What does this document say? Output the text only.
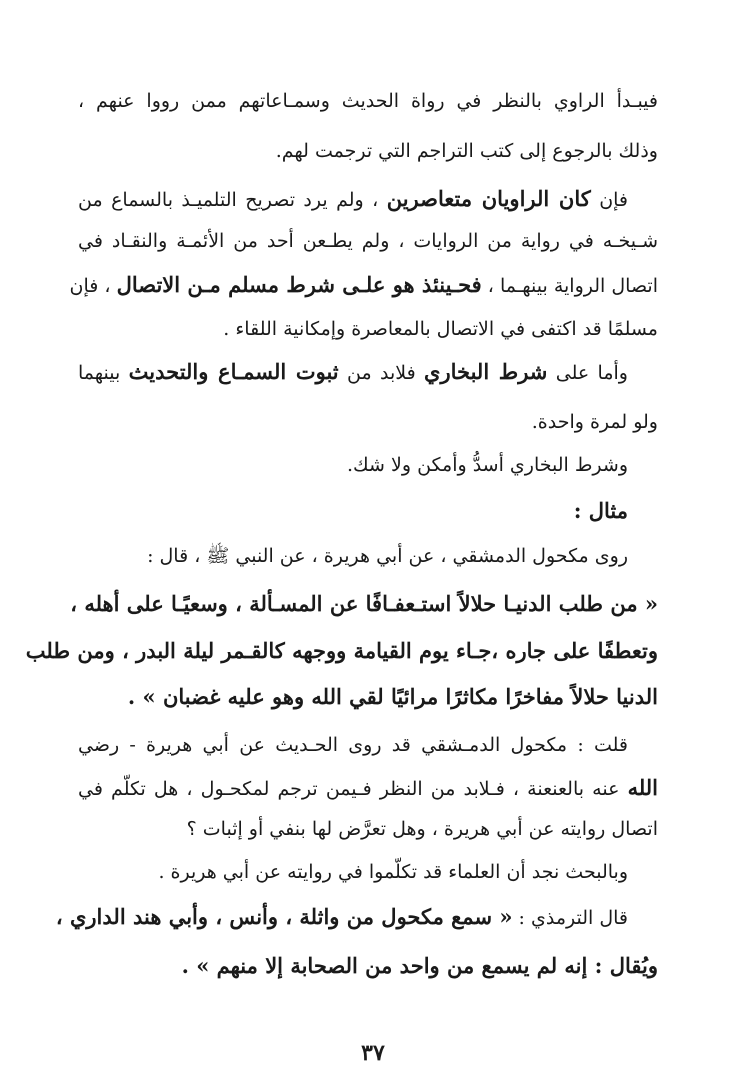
فيبـدأ الراوي بالنظر في رواة الحديث وسمـاعاتهم ممن رووا عنهم ،
وذلك بالرجوع إلى كتب التراجم التي ترجمت لهم.
فإن كان الراويان متعاصرين ، ولم يرد تصريح التلميـذ بالسماع من
شـيخـه في رواية من الروايات ، ولم يطـعن أحد من الأئمـة والنقـاد في
اتصال الرواية بينهـما ، فحـينئذ هو علـى شرط مسلم مـن الاتصال ، فإن
مسلمًا قد اكتفى في الاتصال بالمعاصرة وإمكانية اللقاء .
وأما على شرط البخاري فلابد من ثبوت السمـاع والتحديث بينهما
ولو لمرة واحدة.
وشرط البخاري أسدُّ وأمكن ولا شك.
مثال :
روى مكحول الدمشقي ، عن أبي هريرة ، عن النبي ﷺ ، قال :
« من طلب الدنيـا حلالاً استـعفـافًا عن المسـألة ، وسعيًـا على أهله ،
وتعطفًا على جاره ،جـاء يوم القيامة ووجهه كالقـمر ليلة البدر ، ومن طلب
الدنيا حلالاً مفاخرًا مكاثرًا مرائيًا لقي الله وهو عليه غضبان » .
قلت : مكحول الدمـشقي قد روى الحـديث عن أبي هريرة - رضي
الله عنه بالعنعنة ، فـلابد من النظر فـيمن ترجم لمكحـول ، هل تكلّم في
اتصال روايته عن أبي هريرة ، وهل تعرَّض لها بنفي أو إثبات ؟
وبالبحث نجد أن العلماء قد تكلّموا في روايته عن أبي هريرة .
قال الترمذي : « سمع مكحول من واثلة ، وأنس ، وأبي هند الداري ،
ويُقال : إنه لم يسمع من واحد من الصحابة إلا منهم » .
٣٧
